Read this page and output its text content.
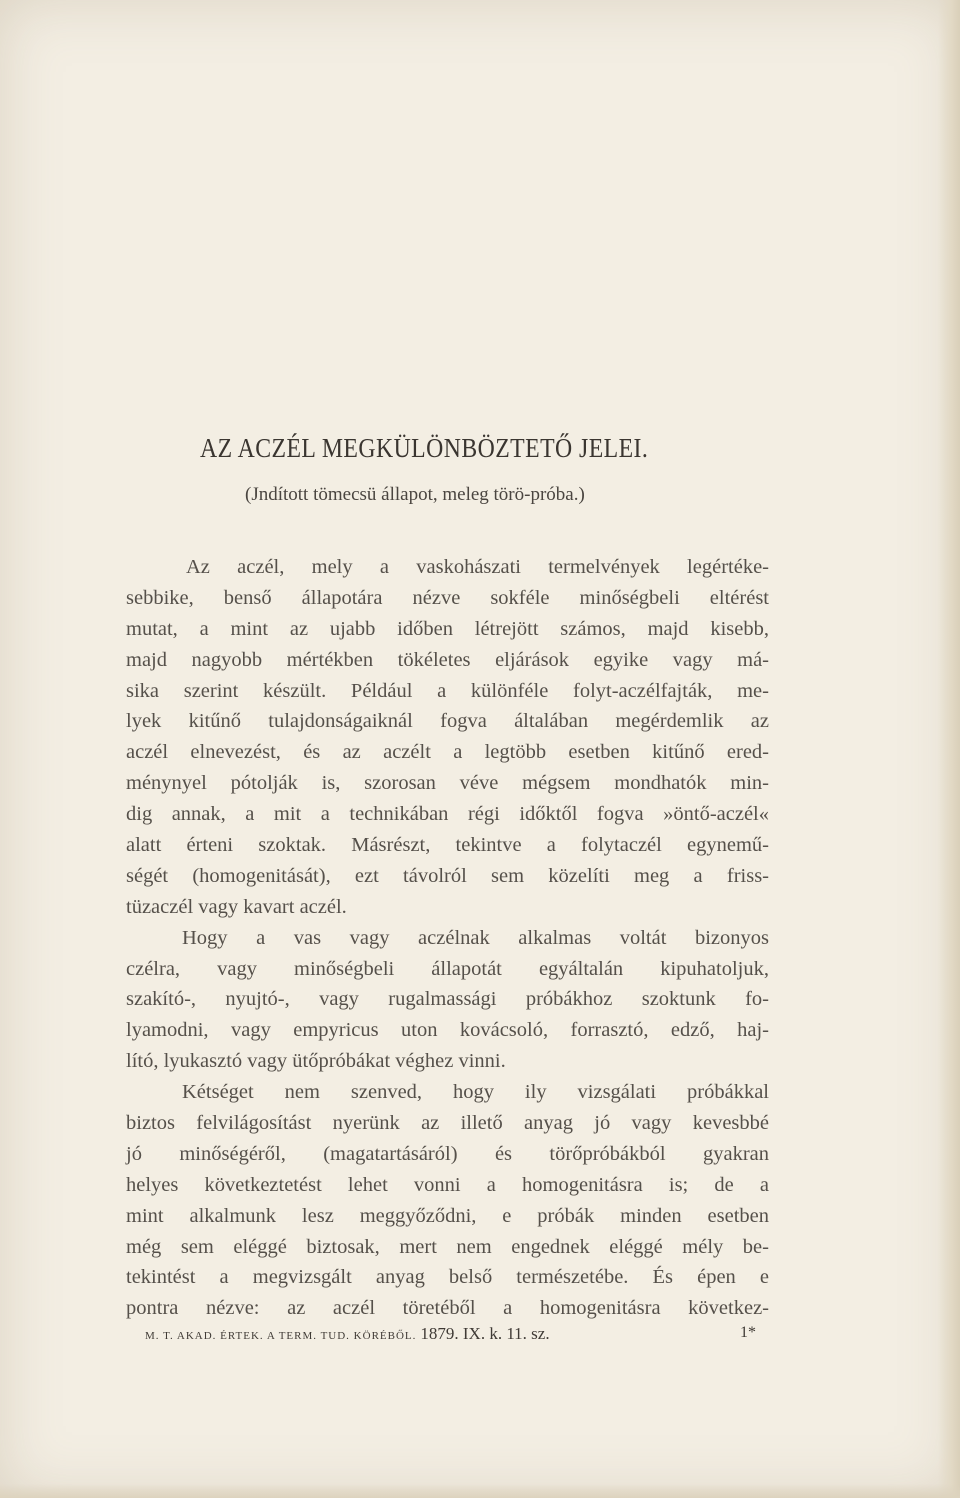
AZ ACZÉL MEGKÜLÖNBÖZTETŐ JELEI.
(Jndított tömecsü állapot, meleg törö-próba.)
Az aczél, mely a vaskohászati termelvények legértéke-
sebbike, benső állapotára nézve sokféle minőségbeli eltérést
mutat, a mint az ujabb időben létrejött számos, majd kisebb,
majd nagyobb mértékben tökéletes eljárások egyike vagy má-
sika szerint készült. Például a különféle folyt-aczélfajták, me-
lyek kitűnő tulajdonságaiknál fogva általában megérdemlik az
aczél elnevezést, és az aczélt a legtöbb esetben kitűnő ered-
ménynyel pótolják is, szorosan véve mégsem mondhatók min-
dig annak, a mit a technikában régi időktől fogva »öntő-aczél«
alatt érteni szoktak. Másrészt, tekintve a folytaczél egynemű-
ségét (homogenitását), ezt távolról sem közelíti meg a friss-
tüzaczél vagy kavart aczél.
Hogy a vas vagy aczélnak alkalmas voltát bizonyos
czélra, vagy minőségbeli állapotát egyáltalán kipuhatoljuk,
szakító-, nyujtó-, vagy rugalmassági próbákhoz szoktunk fo-
lyamodni, vagy empyricus uton kovácsoló, forrasztó, edző, haj-
lító, lyukasztó vagy ütőpróbákat véghez vinni.
Kétséget nem szenved, hogy ily vizsgálati próbákkal
biztos felvilágosítást nyerünk az illető anyag jó vagy kevesbbé
jó minőségéről, (magatartásáról) és törőpróbákból gyakran
helyes következtetést lehet vonni a homogenitásra is; de a
mint alkalmunk lesz meggyőződni, e próbák minden esetben
még sem eléggé biztosak, mert nem engednek eléggé mély be-
tekintést a megvizsgált anyag belső természetébe. És épen e
pontra nézve: az aczél töretéből a homogenitásra következ-
M. T. AKAD. ÉRTEK. A TERM. TUD. KÖRÉBŐL. 1879. IX. k. 11. sz.	1*
